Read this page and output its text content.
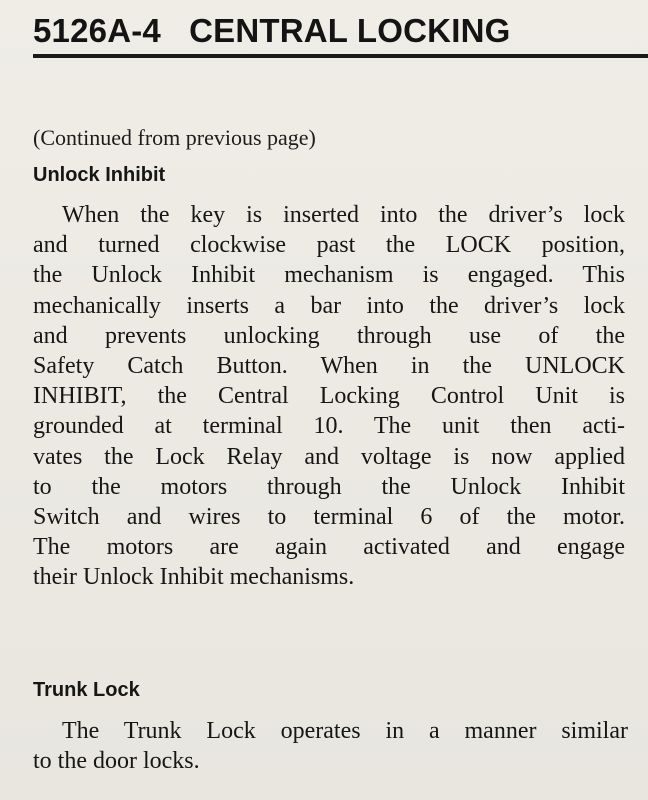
5126A-4   CENTRAL LOCKING
(Continued from previous page)
Unlock Inhibit
When the key is inserted into the driver’s lock
and turned clockwise past the LOCK position,
the Unlock Inhibit mechanism is engaged. This
mechanically inserts a bar into the driver’s lock
and prevents unlocking through use of the
Safety Catch Button. When in the UNLOCK
INHIBIT, the Central Locking Control Unit is
grounded at terminal 10. The unit then acti-
vates the Lock Relay and voltage is now applied
to the motors through the Unlock Inhibit
Switch and wires to terminal 6 of the motor.
The motors are again activated and engage
their Unlock Inhibit mechanisms.
Trunk Lock
The Trunk Lock operates in a manner similar
to the door locks.
